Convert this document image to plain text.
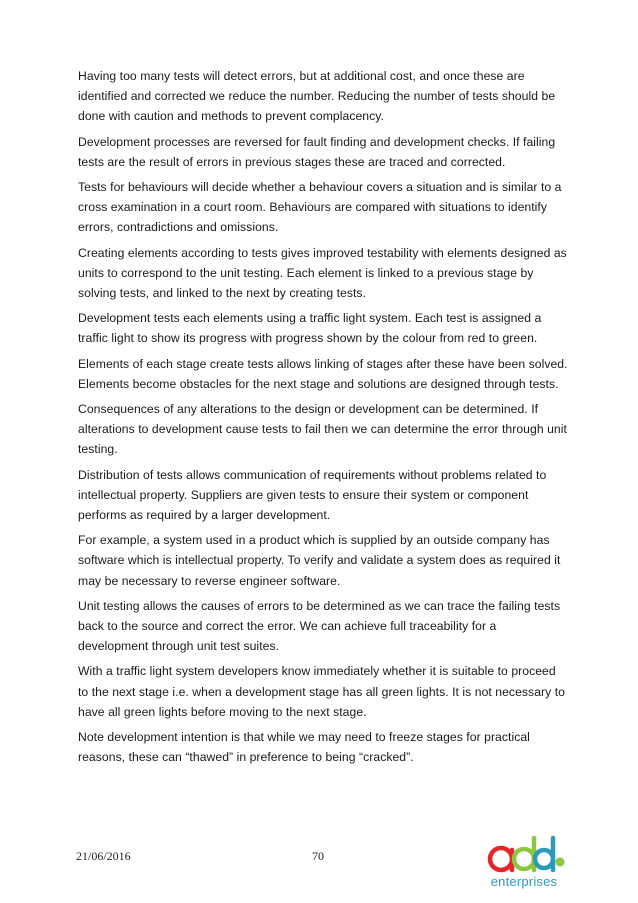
Having too many tests will detect errors, but at additional cost, and once these are identified and corrected we reduce the number. Reducing the number of tests should be done with caution and methods to prevent complacency.

Development processes are reversed for fault finding and development checks. If failing tests are the result of errors in previous stages these are traced and corrected.

Tests for behaviours will decide whether a behaviour covers a situation and is similar to a cross examination in a court room. Behaviours are compared with situations to identify errors, contradictions and omissions.

Creating elements according to tests gives improved testability with elements designed as units to correspond to the unit testing. Each element is linked to a previous stage by solving tests, and linked to the next by creating tests.

Development tests each elements using a traffic light system. Each test is assigned a traffic light to show its progress with progress shown by the colour from red to green.

Elements of each stage create tests allows linking of stages after these have been solved. Elements become obstacles for the next stage and solutions are designed through tests.

Consequences of any alterations to the design or development can be determined. If alterations to development cause tests to fail then we can determine the error through unit testing.

Distribution of tests allows communication of requirements without problems related to intellectual property. Suppliers are given tests to ensure their system or component performs as required by a larger development.

For example, a system used in a product which is supplied by an outside company has software which is intellectual property. To verify and validate a system does as required it may be necessary to reverse engineer software.

Unit testing allows the causes of errors to be determined as we can trace the failing tests back to the source and correct the error. We can achieve full traceability for a development through unit test suites.

With a traffic light system developers know immediately whether it is suitable to proceed to the next stage i.e. when a development stage has all green lights. It is not necessary to have all green lights before moving to the next stage.

Note development intention is that while we may need to freeze stages for practical reasons, these can “thawed” in preference to being “cracked”.

21/06/2016	70
enterprises
